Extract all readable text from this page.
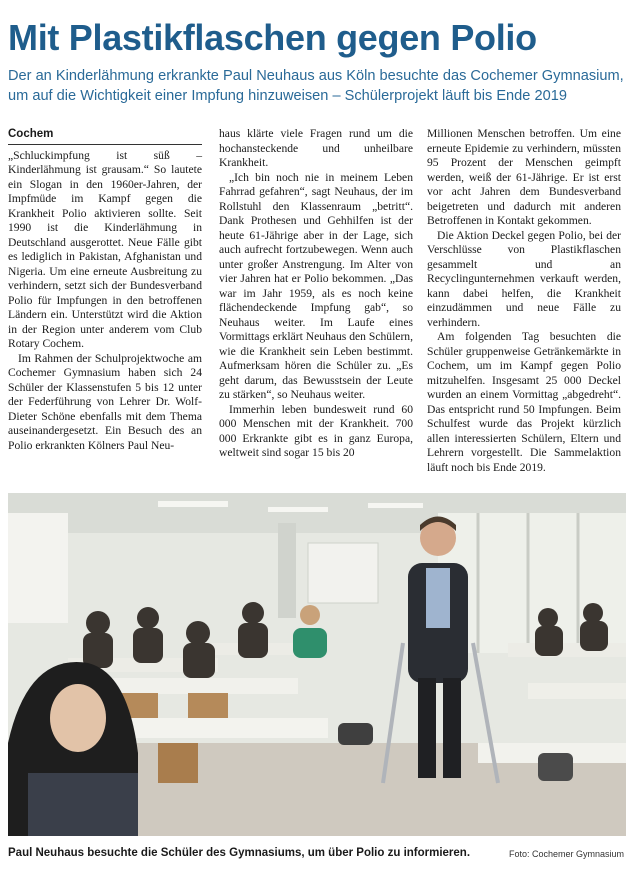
Mit Plastikflaschen gegen Polio
Der an Kinderlähmung erkrankte Paul Neuhaus aus Köln besuchte das Cochemer Gymnasium, um auf die Wichtigkeit einer Impfung hinzuweisen – Schülerprojekt läuft bis Ende 2019
Cochem

„Schluckimpfung ist süß – Kinderlähmung ist grausam.“ So lautete ein Slogan in den 1960er-Jahren, der Impfmüde im Kampf gegen die Krankheit Polio aktivieren sollte. Seit 1990 ist die Kinderlähmung in Deutschland ausgerottet. Neue Fälle gibt es lediglich in Pakistan, Afghanistan und Nigeria. Um eine erneute Ausbreitung zu verhindern, setzt sich der Bundesverband Polio für Impfungen in den betroffenen Ländern ein. Unterstützt wird die Aktion in der Region unter anderem vom Club Rotary Cochem.

Im Rahmen der Schulprojektwoche am Cochemer Gymnasium haben sich 24 Schüler der Klassenstufen 5 bis 12 unter der Federführung von Lehrer Dr. Wolf-Dieter Schöne ebenfalls mit dem Thema auseinandergesetzt. Ein Besuch des an Polio erkrankten Kölners Paul Neu-

haus klärte viele Fragen rund um die hochansteckende und unheilbare Krankheit.

„Ich bin noch nie in meinem Leben Fahrrad gefahren“, sagt Neuhaus, der im Rollstuhl den Klassenraum „betritt“. Dank Prothesen und Gehhilfen ist der heute 61-Jährige aber in der Lage, sich auch aufrecht fortzubewegen. Wenn auch unter großer Anstrengung. Im Alter von vier Jahren hat er Polio bekommen. „Das war im Jahr 1959, als es noch keine flächendeckende Impfung gab“, so Neuhaus weiter. Im Laufe eines Vormittags erklärt Neuhaus den Schülern, wie die Krankheit sein Leben bestimmt. Aufmerksam hören die Schüler zu. „Es geht darum, das Bewusstsein der Leute zu stärken“, so Neuhaus weiter.

Immerhin leben bundesweit rund 60 000 Menschen mit der Krankheit. 700 000 Erkrankte gibt es in ganz Europa, weltweit sind sogar 15 bis 20

Millionen Menschen betroffen. Um eine erneute Epidemie zu verhindern, müssten 95 Prozent der Menschen geimpft werden, weiß der 61-Jährige. Er ist erst vor acht Jahren dem Bundesverband beigetreten und dadurch mit anderen Betroffenen in Kontakt gekommen.

Die Aktion Deckel gegen Polio, bei der Verschlüsse von Plastikflaschen gesammelt und an Recyclingunternehmen verkauft werden, kann dabei helfen, die Krankheit einzudämmen und neue Fälle zu verhindern.

Am folgenden Tag besuchten die Schüler gruppenweise Getränkemärkte in Cochem, um im Kampf gegen Polio mitzuhelfen. Insgesamt 25 000 Deckel wurden an einem Vormittag „abgedreht“. Das entspricht rund 50 Impfungen. Beim Schulfest wurde das Projekt kürzlich allen interessierten Schülern, Eltern und Lehrern vorgestellt. Die Sammelaktion läuft noch bis Ende 2019.

Paul Neuhaus besuchte die Schüler des Gymnasiums, um über Polio zu informieren.	Foto: Cochemer Gymnasium
